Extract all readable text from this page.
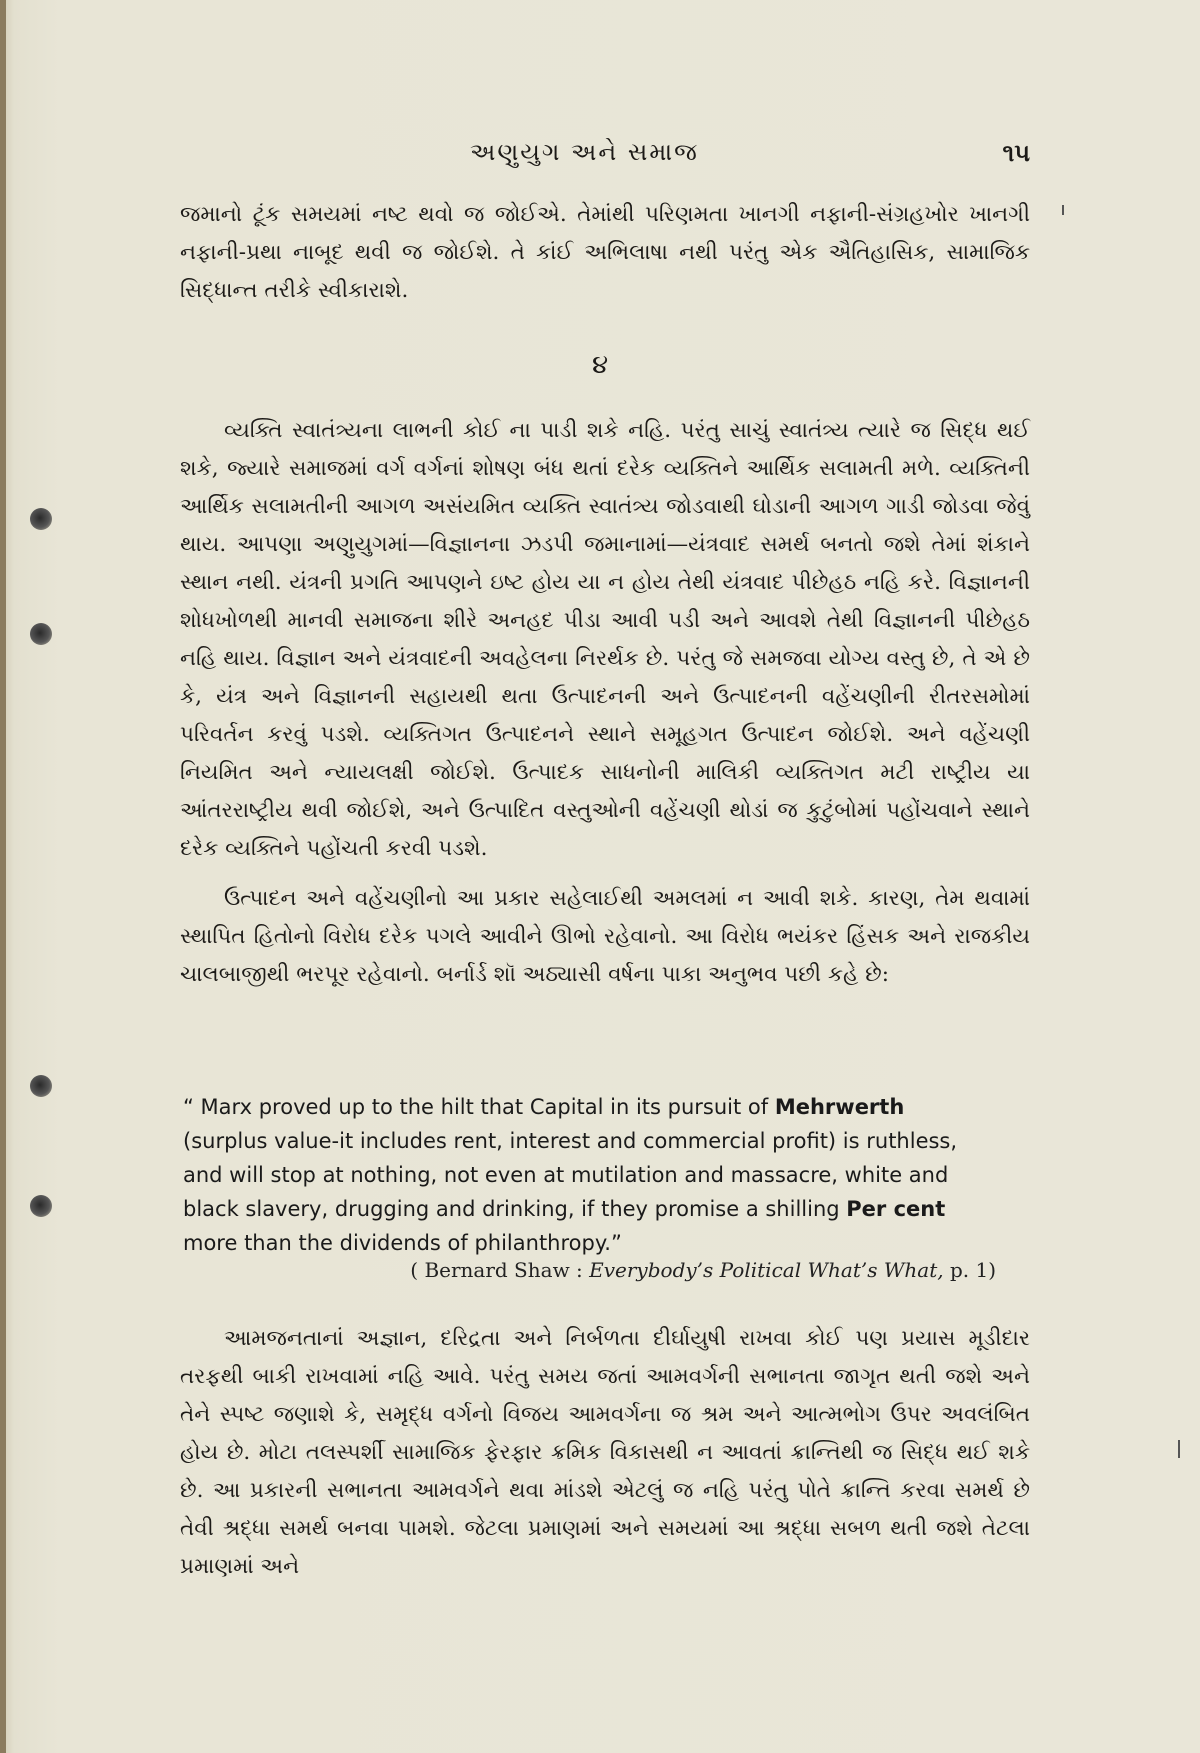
અણુયુગ અને સમાજ	૧૫

જમાનો ટૂંક સમયમાં નષ્ટ થવો જ જોઈએ. તેમાંથી પરિણમતા ખાનગી નફાની-સંગ્રહખોર ખાનગી નફાની-પ્રથા નાબૂદ થવી જ જોઈશે. તે કાંઈ અભિલાષા નથી પરંતુ એક ઐતિહાસિક, સામાજિક સિદ્ધાન્ત તરીકે સ્વીકારાશે.

૪

વ્યક્તિ સ્વાતંત્ર્યના લાભની કોઈ ના પાડી શકે નહિ. પરંતુ સાચું સ્વાતંત્ર્ય ત્યારે જ સિદ્ધ થઈ શકે, જ્યારે સમાજમાં વર્ગ વર્ગનાં શોષણ બંધ થતાં દરેક વ્યક્તિને આર્થિક સલામતી મળે. વ્યક્તિની આર્થિક સલામતીની આગળ અસંયમિત વ્યક્તિ સ્વાતંત્ર્ય જોડવાથી ઘોડાની આગળ ગાડી જોડવા જેવું થાય. આપણા અણુયુગમાં—વિજ્ઞાનના ઝડપી જમાનામાં—યંત્રવાદ સમર્થ બનતો જશે તેમાં શંકાને સ્થાન નથી. યંત્રની પ્રગતિ આપણને ઇષ્ટ હોય યા ન હોય તેથી યંત્રવાદ પીછેહઠ નહિ કરે. વિજ્ઞાનની શોધખોળથી માનવી સમાજના શીરે અનહદ પીડા આવી પડી અને આવશે તેથી વિજ્ઞાનની પીછેહઠ નહિ થાય. વિજ્ઞાન અને યંત્રવાદની અવહેલના નિરર્થક છે. પરંતુ જે સમજવા યોગ્ય વસ્તુ છે, તે એ છે કે, યંત્ર અને વિજ્ઞાનની સહાયથી થતા ઉત્પાદનની અને ઉત્પાદનની વહેંચણીની રીતરસમોમાં પરિવર્તન કરવું પડશે. વ્યક્તિગત ઉત્પાદનને સ્થાને સમૂહગત ઉત્પાદન જોઈશે. અને વહેંચણી નિયમિત અને ન્યાયલક્ષી જોઈશે. ઉત્પાદક સાધનોની માલિકી વ્યક્તિગત મટી રાષ્ટ્રીય યા આંતરરાષ્ટ્રીય થવી જોઈશે, અને ઉત્પાદિત વસ્તુઓની વહેંચણી થોડાં જ કુટુંબોમાં પહોંચવાને સ્થાને દરેક વ્યક્તિને પહોંચતી કરવી પડશે.

ઉત્પાદન અને વહેંચણીનો આ પ્રકાર સહેલાઈથી અમલમાં ન આવી શકે. કારણ, તેમ થવામાં સ્થાપિત હિતોનો વિરોધ દરેક પગલે આવીને ઊભો રહેવાનો. આ વિરોધ ભયંકર હિંસક અને રાજકીય ચાલબાજીથી ભરપૂર રહેવાનો. બર્નાર્ડ શૉ અઠ્યાસી વર્ષના પાકા અનુભવ પછી કહે છે:

“ Marx proved up to the hilt that Capital in its pursuit of Mehrwerth (surplus value-it includes rent, interest and commercial profit) is ruthless, and will stop at nothing, not even at mutilation and massacre, white and black slavery, drugging and drinking, if they promise a shilling Per cent more than the dividends of philanthropy.”

( Bernard Shaw : Everybody’s Political What’s What, p. 1)

આમજનતાનાં અજ્ઞાન, દરિદ્રતા અને નિર્બળતા દીર્ઘાયુષી રાખવા કોઈ પણ પ્રયાસ મૂડીદાર તરફથી બાકી રાખવામાં નહિ આવે. પરંતુ સમય જતાં આમવર્ગની સભાનતા જાગૃત થતી જશે અને તેને સ્પષ્ટ જણાશે કે, સમૃદ્ધ વર્ગનો વિજય આમવર્ગના જ શ્રમ અને આત્મભોગ ઉપર અવલંબિત હોય છે. મોટા તલસ્પર્શી સામાજિક ફેરફાર ક્રમિક વિકાસથી ન આવતાં ક્રાન્તિથી જ સિદ્ધ થઈ શકે છે. આ પ્રકારની સભાનતા આમવર્ગને થવા માંડશે એટલું જ નહિ પરંતુ પોતે ક્રાન્તિ કરવા સમર્થ છે તેવી શ્રદ્ધા સમર્થ બનવા પામશે. જેટલા પ્રમાણમાં અને સમયમાં આ શ્રદ્ધા સબળ થતી જશે તેટલા પ્રમાણમાં અને
